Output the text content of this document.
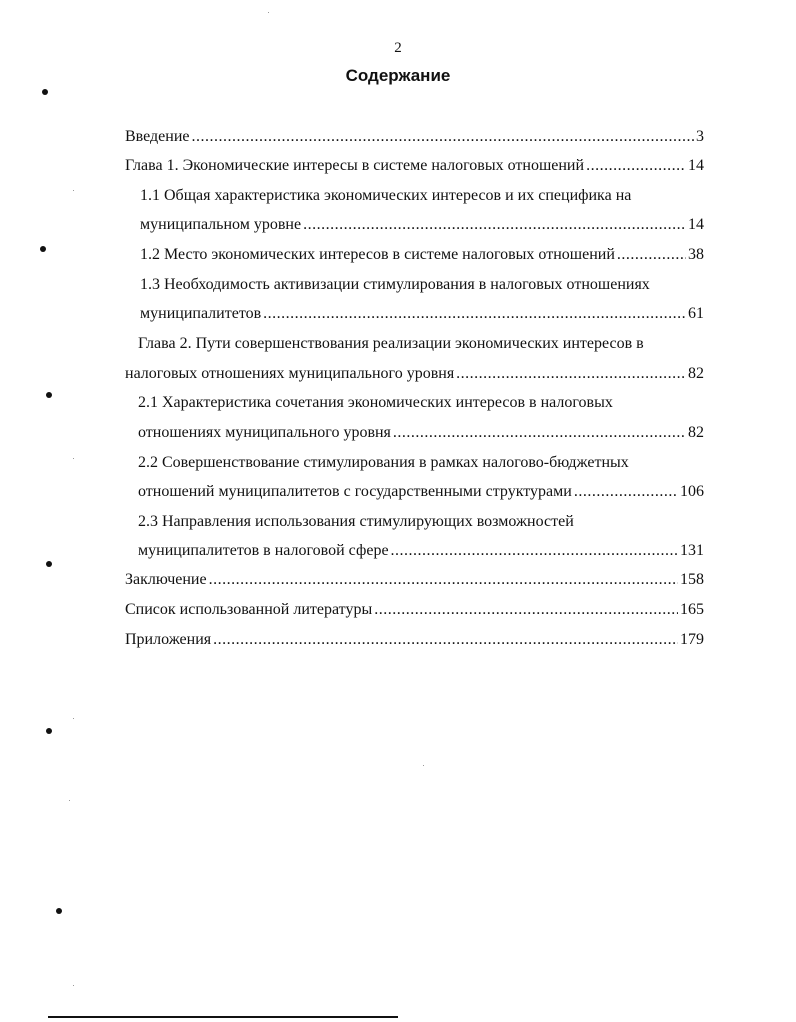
2
Содержание
Введение .....	3
Глава 1. Экономические интересы в системе налоговых отношений .....	14
1.1 Общая характеристика экономических интересов и их специфика на
муниципальном уровне .....	14
1.2 Место экономических интересов в системе налоговых отношений .....	38
1.3 Необходимость активизации стимулирования в налоговых отношениях
муниципалитетов .....	61
Глава 2. Пути совершенствования реализации экономических интересов в
налоговых отношениях муниципального уровня .....	82
2.1 Характеристика сочетания экономических интересов в налоговых
отношениях муниципального уровня .....	82
2.2 Совершенствование стимулирования в рамках налогово-бюджетных
отношений муниципалитетов с государственными структурами .....	106
2.3 Направления использования стимулирующих возможностей
муниципалитетов в налоговой сфере .....	131
Заключение .....	158
Список использованной литературы .....	165
Приложения .....	179
